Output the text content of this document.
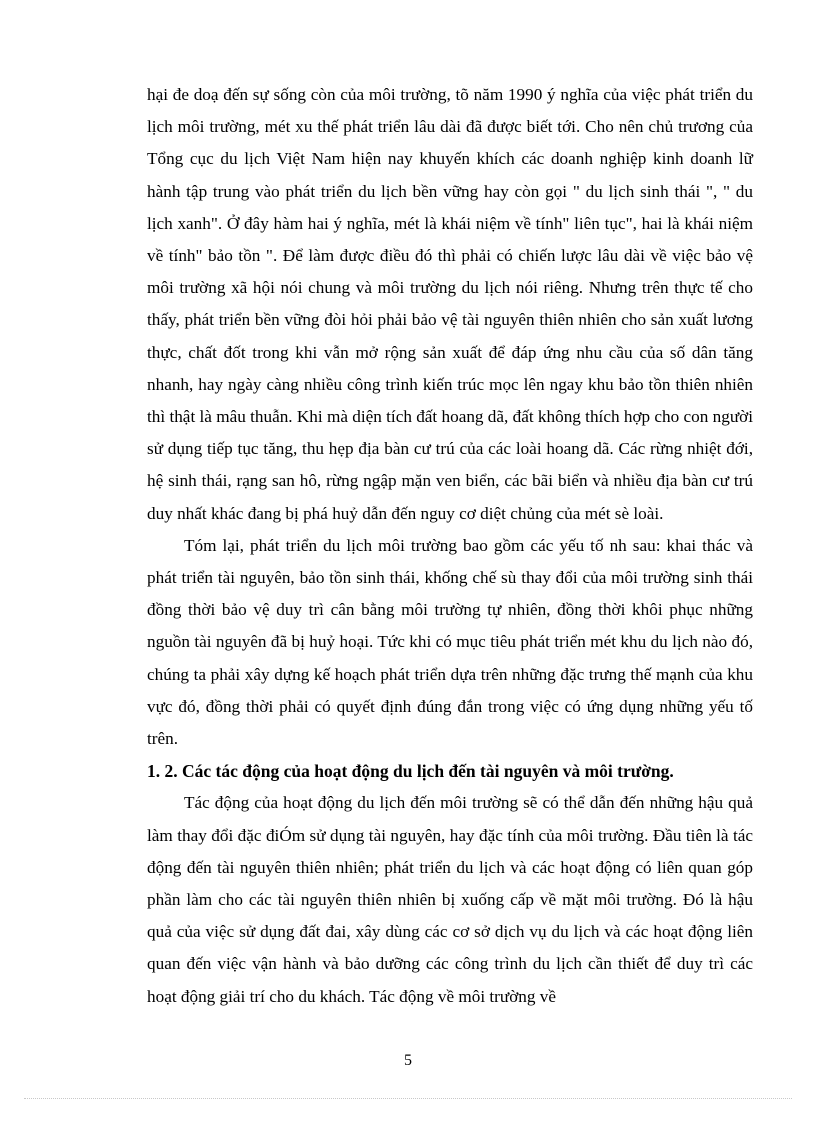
hại đe doạ đến sự sống còn của môi trường, tõ năm 1990 ý nghĩa của việc phát triển du lịch môi trường, mét xu thế phát triển lâu dài đã được biết tới. Cho nên chủ trương của Tổng cục du lịch Việt Nam hiện nay khuyến khích các doanh nghiệp kinh doanh lữ hành tập trung vào phát triển du lịch bền vững hay còn gọi " du lịch sinh thái ", " du lịch xanh". Ở đây hàm hai ý nghĩa, mét là khái niệm về tính" liên tục", hai là khái niệm về tính" bảo tồn ". Để làm được điều đó thì phải có chiến lược lâu dài về việc bảo vệ môi trường xã hội nói chung và môi trường du lịch nói riêng. Nhưng trên thực tế cho thấy, phát triển bền vững đòi hỏi phải bảo vệ tài nguyên thiên nhiên cho sản xuất lương thực, chất đốt trong khi vẫn mở rộng sản xuất để đáp ứng nhu cầu của số dân tăng nhanh, hay ngày càng nhiều công trình kiến trúc mọc lên ngay khu bảo tồn thiên nhiên thì thật là mâu thuẫn. Khi mà diện tích đất hoang dã, đất không thích hợp cho con người sử dụng tiếp tục tăng, thu hẹp địa bàn cư trú của các loài hoang dã. Các rừng nhiệt đới, hệ sinh thái, rạng san hô, rừng ngập mặn ven biển, các bãi biển và nhiều địa bàn cư trú duy nhất khác đang bị phá huỷ dẫn đến nguy cơ diệt chủng của mét sè loài.

Tóm lại, phát triển du lịch môi trường bao gồm các yếu tố nh sau: khai thác và phát triển tài nguyên, bảo tồn sinh thái, khống chế sù thay đổi của môi trường sinh thái đồng thời bảo vệ duy trì cân bằng môi trường tự nhiên, đồng thời khôi phục những nguồn tài nguyên đã bị huỷ hoại. Tức khi có mục tiêu phát triển mét khu du lịch nào đó, chúng ta phải xây dựng kế hoạch phát triển dựa trên những đặc trưng thế mạnh của khu vực đó, đồng thời phải có quyết định đúng đắn trong việc có ứng dụng những yếu tố trên.

1. 2. Các tác động của hoạt động du lịch đến tài nguyên và môi trường.

Tác động của hoạt động du lịch đến môi trường sẽ có thể dẫn đến những hậu quả làm thay đổi đặc điÓm sử dụng tài nguyên, hay đặc tính của môi trường. Đầu tiên là tác động đến tài nguyên thiên nhiên; phát triển du lịch và các hoạt động có liên quan góp phần làm cho các tài nguyên thiên nhiên bị xuống cấp về mặt môi trường. Đó là hậu quả của việc sử dụng đất đai, xây dùng các cơ sở dịch vụ du lịch và các hoạt động liên quan đến việc vận hành và bảo dưỡng các công trình du lịch cần thiết để duy trì các hoạt động giải trí cho du khách. Tác động về môi trường về

5
